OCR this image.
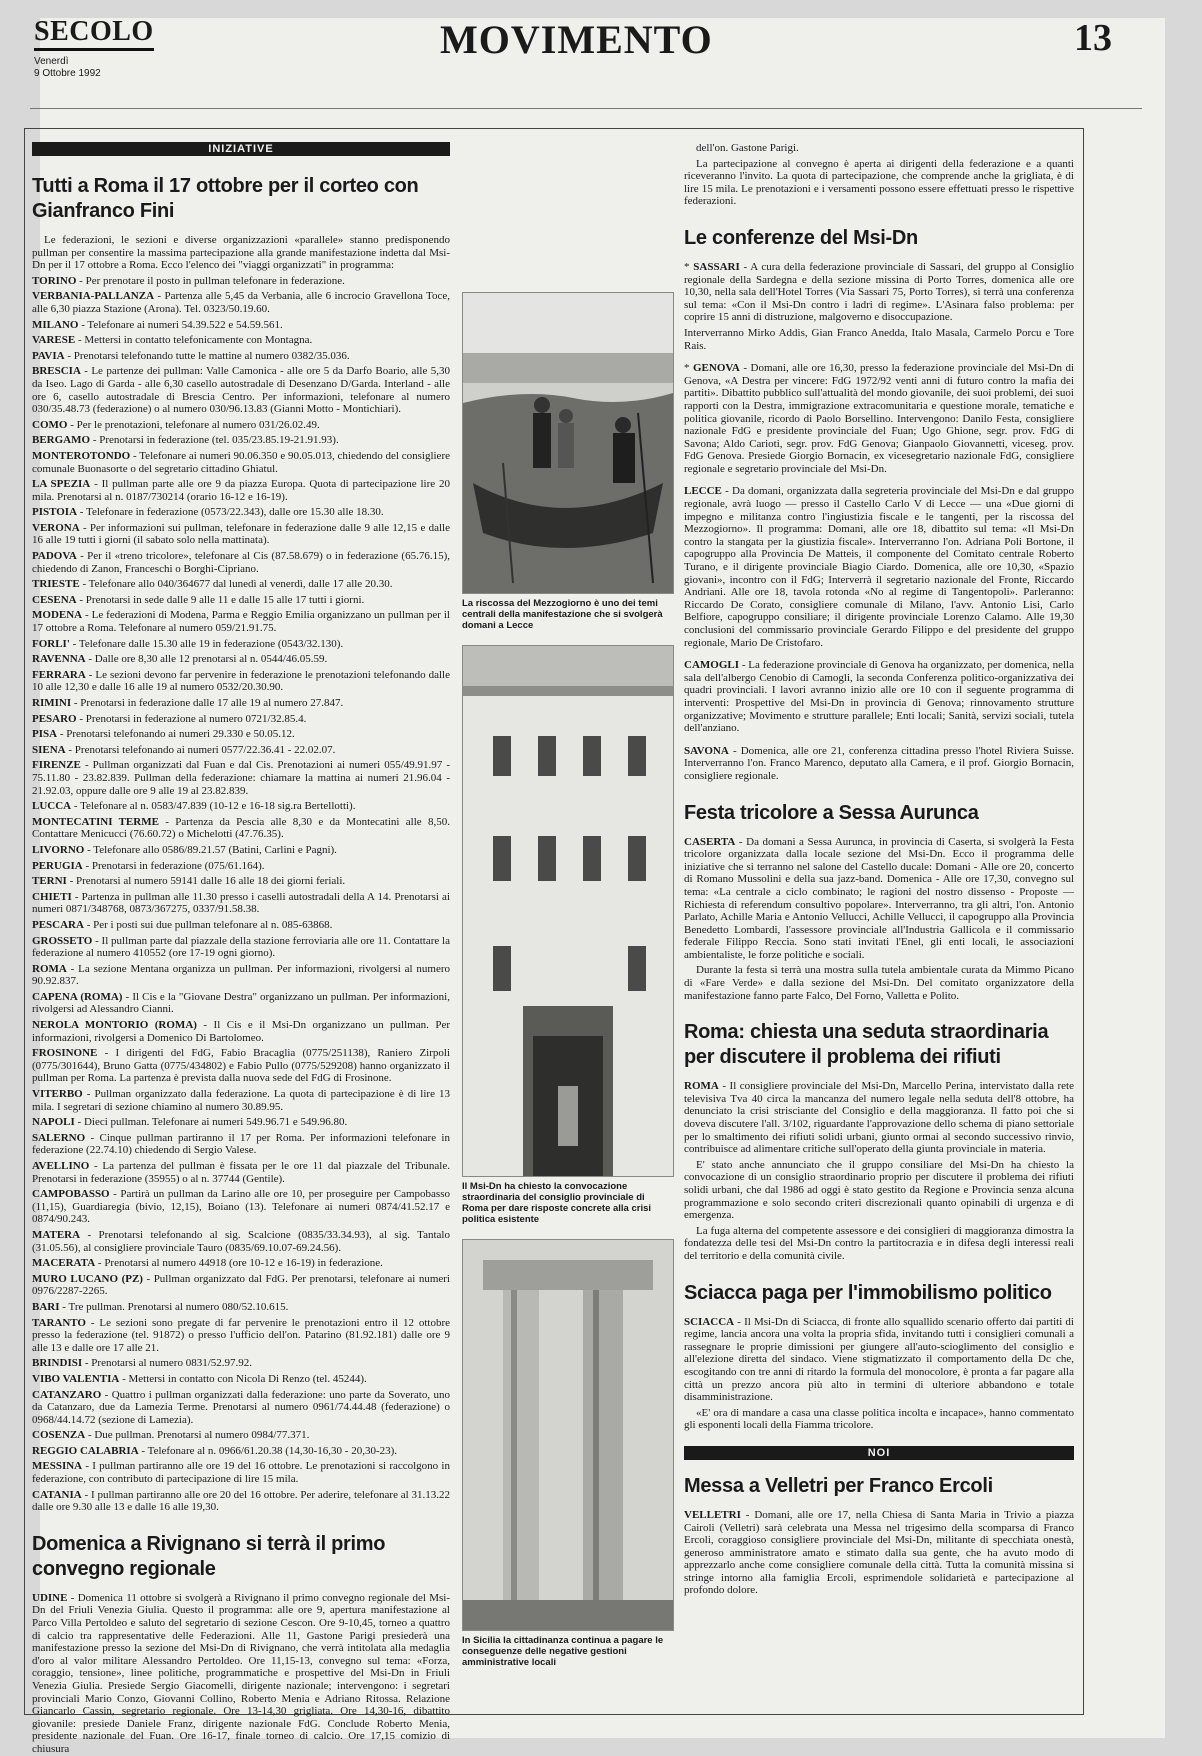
SECOLO
Venerdì
9 Ottobre 1992
MOVIMENTO	13
INIZIATIVE
Tutti a Roma il 17 ottobre per il corteo con Gianfranco Fini

Le federazioni, le sezioni e diverse organizzazioni «parallele» stanno predisponendo pullman per consentire la massima partecipazione alla grande manifestazione indetta dal Msi-Dn per il 17 ottobre a Roma. Ecco l'elenco dei "viaggi organizzati" in programma:

TORINO - Per prenotare il posto in pullman telefonare in federazione.

VERBANIA-PALLANZA - Partenza alle 5,45 da Verbania, alle 6 incrocio Gravellona Toce, alle 6,30 piazza Stazione (Arona). Tel. 0323/50.19.60.

MILANO - Telefonare ai numeri 54.39.522 e 54.59.561.

VARESE - Mettersi in contatto telefonicamente con Montagna.

PAVIA - Prenotarsi telefonando tutte le mattine al numero 0382/35.036.

BRESCIA - Le partenze dei pullman: Valle Camonica - alle ore 5 da Darfo Boario, alle 5,30 da Iseo. Lago di Garda - alle 6,30 casello autostradale di Desenzano D/Garda. Interland - alle ore 6, casello autostradale di Brescia Centro. Per informazioni, telefonare al numero 030/35.48.73 (federazione) o al numero 030/96.13.83 (Gianni Motto - Montichiari).

COMO - Per le prenotazioni, telefonare al numero 031/26.02.49.

BERGAMO - Prenotarsi in federazione (tel. 035/23.85.19-21.91.93).

MONTEROTONDO - Telefonare ai numeri 90.06.350 e 90.05.013, chiedendo del consigliere comunale Buonasorte o del segretario cittadino Ghiatul.

LA SPEZIA - Il pullman parte alle ore 9 da piazza Europa. Quota di partecipazione lire 20 mila. Prenotarsi al n. 0187/730214 (orario 16-12 e 16-19).

PISTOIA - Telefonare in federazione (0573/22.343), dalle ore 15.30 alle 18.30.

VERONA - Per informazioni sui pullman, telefonare in federazione dalle 9 alle 12,15 e dalle 16 alle 19 tutti i giorni (il sabato solo nella mattinata).

PADOVA - Per il «treno tricolore», telefonare al Cis (87.58.679) o in federazione (65.76.15), chiedendo di Zanon, Franceschi o Borghi-Cipriano.

TRIESTE - Telefonare allo 040/364677 dal lunedì al venerdì, dalle 17 alle 20.30.

CESENA - Prenotarsi in sede dalle 9 alle 11 e dalle 15 alle 17 tutti i giorni.

MODENA - Le federazioni di Modena, Parma e Reggio Emilia organizzano un pullman per il 17 ottobre a Roma. Telefonare al numero 059/21.91.75.

FORLI' - Telefonare dalle 15.30 alle 19 in federazione (0543/32.130).

RAVENNA - Dalle ore 8,30 alle 12 prenotarsi al n. 0544/46.05.59.

FERRARA - Le sezioni devono far pervenire in federazione le prenotazioni telefonando dalle 10 alle 12,30 e dalle 16 alle 19 al numero 0532/20.30.90.

RIMINI - Prenotarsi in federazione dalle 17 alle 19 al numero 27.847.

PESARO - Prenotarsi in federazione al numero 0721/32.85.4.

PISA - Prenotarsi telefonando ai numeri 29.330 e 50.05.12.

SIENA - Prenotarsi telefonando ai numeri 0577/22.36.41 - 22.02.07.

FIRENZE - Pullman organizzati dal Fuan e dal Cis. Prenotazioni ai numeri 055/49.91.97 - 75.11.80 - 23.82.839. Pullman della federazione: chiamare la mattina ai numeri 21.96.04 - 21.92.03, oppure dalle ore 9 alle 19 al 23.82.839.

LUCCA - Telefonare al n. 0583/47.839 (10-12 e 16-18 sig.ra Bertellotti).

MONTECATINI TERME - Partenza da Pescia alle 8,30 e da Montecatini alle 8,50. Contattare Menicucci (76.60.72) o Michelotti (47.76.35).

LIVORNO - Telefonare allo 0586/89.21.57 (Batini, Carlini e Pagni).

PERUGIA - Prenotarsi in federazione (075/61.164).

TERNI - Prenotarsi al numero 59141 dalle 16 alle 18 dei giorni feriali.

CHIETI - Partenza in pullman alle 11.30 presso i caselli autostradali della A 14. Prenotarsi ai numeri 0871/348768, 0873/367275, 0337/91.58.38.

PESCARA - Per i posti sui due pullman telefonare al n. 085-63868.

GROSSETO - Il pullman parte dal piazzale della stazione ferroviaria alle ore 11. Contattare la federazione al numero 410552 (ore 17-19 ogni giorno).

ROMA - La sezione Mentana organizza un pullman. Per informazioni, rivolgersi al numero 90.92.837.

CAPENA (ROMA) - Il Cis e la "Giovane Destra" organizzano un pullman. Per informazioni, rivolgersi ad Alessandro Cianni.

NEROLA MONTORIO (ROMA) - Il Cis e il Msi-Dn organizzano un pullman. Per informazioni, rivolgersi a Domenico Di Bartolomeo.

FROSINONE - I dirigenti del FdG, Fabio Bracaglia (0775/251138), Raniero Zirpoli (0775/301644), Bruno Gatta (0775/434802) e Fabio Pullo (0775/529208) hanno organizzato il pullman per Roma. La partenza è prevista dalla nuova sede del FdG di Frosinone.

VITERBO - Pullman organizzato dalla federazione. La quota di partecipazione è di lire 13 mila. I segretari di sezione chiamino al numero 30.89.95.

NAPOLI - Dieci pullman. Telefonare ai numeri 549.96.71 e 549.96.80.

SALERNO - Cinque pullman partiranno il 17 per Roma. Per informazioni telefonare in federazione (22.74.10) chiedendo di Sergio Valese.

AVELLINO - La partenza del pullman è fissata per le ore 11 dal piazzale del Tribunale. Prenotarsi in federazione (35955) o al n. 37744 (Gentile).

CAMPOBASSO - Partirà un pullman da Larino alle ore 10, per proseguire per Campobasso (11,15), Guardiaregia (bivio, 12,15), Boiano (13). Telefonare ai numeri 0874/41.52.17 e 0874/90.243.

MATERA - Prenotarsi telefonando al sig. Scalcione (0835/33.34.93), al sig. Tantalo (31.05.56), al consigliere provinciale Tauro (0835/69.10.07-69.24.56).

MACERATA - Prenotarsi al numero 44918 (ore 10-12 e 16-19) in federazione.

MURO LUCANO (PZ) - Pullman organizzato dal FdG. Per prenotarsi, telefonare ai numeri 0976/2287-2265.

BARI - Tre pullman. Prenotarsi al numero 080/52.10.615.

TARANTO - Le sezioni sono pregate di far pervenire le prenotazioni entro il 12 ottobre presso la federazione (tel. 91872) o presso l'ufficio dell'on. Patarino (81.92.181) dalle ore 9 alle 13 e dalle ore 17 alle 21.

BRINDISI - Prenotarsi al numero 0831/52.97.92.

VIBO VALENTIA - Mettersi in contatto con Nicola Di Renzo (tel. 45244).

CATANZARO - Quattro i pullman organizzati dalla federazione: uno parte da Soverato, uno da Catanzaro, due da Lamezia Terme. Prenotarsi al numero 0961/74.44.48 (federazione) o 0968/44.14.72 (sezione di Lamezia).

COSENZA - Due pullman. Prenotarsi al numero 0984/77.371.

REGGIO CALABRIA - Telefonare al n. 0966/61.20.38 (14,30-16,30 - 20,30-23).

MESSINA - I pullman partiranno alle ore 19 del 16 ottobre. Le prenotazioni si raccolgono in federazione, con contributo di partecipazione di lire 15 mila.

CATANIA - I pullman partiranno alle ore 20 del 16 ottobre. Per aderire, telefonare al 31.13.22 dalle ore 9.30 alle 13 e dalle 16 alle 19,30.

Domenica a Rivignano si terrà il primo convegno regionale

UDINE - Domenica 11 ottobre si svolgerà a Rivignano il primo convegno regionale del Msi-Dn del Friuli Venezia Giulia. Questo il programma: alle ore 9, apertura manifestazione al Parco Villa Pertoldeo e saluto del segretario di sezione Cescon. Ore 9-10,45, torneo a quattro di calcio tra rappresentative delle Federazioni. Alle 11, Gastone Parigi presiederà una manifestazione presso la sezione del Msi-Dn di Rivignano, che verrà intitolata alla medaglia d'oro al valor militare Alessandro Pertoldeo. Ore 11,15-13, convegno sul tema: «Forza, coraggio, tensione», linee politiche, programmatiche e prospettive del Msi-Dn in Friuli Venezia Giulia. Presiede Sergio Giacomelli, dirigente nazionale; intervengono: i segretari provinciali Mario Conzo, Giovanni Collino, Roberto Menia e Adriano Ritossa. Relazione Giancarlo Cassin, segretario regionale. Ore 13-14,30 grigliata. Ore 14,30-16, dibattito giovanile: presiede Daniele Franz, dirigente nazionale FdG. Conclude Roberto Menia, presidente nazionale del Fuan. Ore 16-17, finale torneo di calcio. Ore 17,15 comizio di chiusura

La riscossa del Mezzogiorno è uno dei temi centrali della manifestazione che si svolgerà domani a Lecce
Il Msi-Dn ha chiesto la convocazione straordinaria del consiglio provinciale di Roma per dare risposte concrete alla crisi politica esistente
In Sicilia la cittadinanza continua a pagare le conseguenze delle negative gestioni amministrative locali

dell'on. Gastone Parigi.

La partecipazione al convegno è aperta ai dirigenti della federazione e a quanti riceveranno l'invito. La quota di partecipazione, che comprende anche la grigliata, è di lire 15 mila. Le prenotazioni e i versamenti possono essere effettuati presso le rispettive federazioni.

Le conferenze del Msi-Dn

* SASSARI - A cura della federazione provinciale di Sassari, del gruppo al Consiglio regionale della Sardegna e della sezione missina di Porto Torres, domenica alle ore 10,30, nella sala dell'Hotel Torres (Via Sassari 75, Porto Torres), si terrà una conferenza sul tema: «Con il Msi-Dn contro i ladri di regime». L'Asinara falso problema: per coprire 15 anni di distruzione, malgoverno e disoccupazione.

Interverranno Mirko Addis, Gian Franco Anedda, Italo Masala, Carmelo Porcu e Tore Rais.

* GENOVA - Domani, alle ore 16,30, presso la federazione provinciale del Msi-Dn di Genova, «A Destra per vincere: FdG 1972/92 venti anni di futuro contro la mafia dei partiti». Dibattito pubblico sull'attualità del mondo giovanile, dei suoi problemi, dei suoi rapporti con la Destra, immigrazione extracomunitaria e questione morale, tematiche e politica giovanile, ricordo di Paolo Borsellino. Intervengono: Danilo Festa, consigliere nazionale FdG e presidente provinciale del Fuan; Ugo Ghione, segr. prov. FdG di Savona; Aldo Carioti, segr. prov. FdG Genova; Gianpaolo Giovannetti, viceseg. prov. FdG Genova. Presiede Giorgio Bornacin, ex vicesegretario nazionale FdG, consigliere regionale e segretario provinciale del Msi-Dn.

LECCE - Da domani, organizzata dalla segreteria provinciale del Msi-Dn e dal gruppo regionale, avrà luogo — presso il Castello Carlo V di Lecce — una «Due giorni di impegno e militanza contro l'ingiustizia fiscale e le tangenti, per la riscossa del Mezzogiorno». Il programma: Domani, alle ore 18, dibattito sul tema: «Il Msi-Dn contro la stangata per la giustizia fiscale». Interverranno l'on. Adriana Poli Bortone, il capogruppo alla Provincia De Matteis, il componente del Comitato centrale Roberto Turano, e il dirigente provinciale Biagio Ciardo. Domenica, alle ore 10,30, «Spazio giovani», incontro con il FdG; Interverrà il segretario nazionale del Fronte, Riccardo Andriani. Alle ore 18, tavola rotonda «No al regime di Tangentopoli». Parleranno: Riccardo De Corato, consigliere comunale di Milano, l'avv. Antonio Lisi, Carlo Belfiore, capogruppo consiliare; il dirigente provinciale Lorenzo Calamo. Alle 19,30 conclusioni del commissario provinciale Gerardo Filippo e del presidente del gruppo regionale, Mario De Cristofaro.

CAMOGLI - La federazione provinciale di Genova ha organizzato, per domenica, nella sala dell'albergo Cenobio di Camogli, la seconda Conferenza politico-organizzativa dei quadri provinciali. I lavori avranno inizio alle ore 10 con il seguente programma di interventi: Prospettive del Msi-Dn in provincia di Genova; rinnovamento strutture organizzative; Movimento e strutture parallele; Enti locali; Sanità, servizi sociali, tutela dell'anziano.

SAVONA - Domenica, alle ore 21, conferenza cittadina presso l'hotel Riviera Suisse. Interverranno l'on. Franco Marenco, deputato alla Camera, e il prof. Giorgio Bornacin, consigliere regionale.

Festa tricolore a Sessa Aurunca

CASERTA - Da domani a Sessa Aurunca, in provincia di Caserta, si svolgerà la Festa tricolore organizzata dalla locale sezione del Msi-Dn. Ecco il programma delle iniziative che si terranno nel salone del Castello ducale: Domani - Alle ore 20, concerto di Romano Mussolini e della sua jazz-band. Domenica - Alle ore 17,30, convegno sul tema: «La centrale a ciclo combinato; le ragioni del nostro dissenso - Proposte — Richiesta di referendum consultivo popolare». Interverranno, tra gli altri, l'on. Antonio Parlato, Achille Maria e Antonio Vellucci, Achille Vellucci, il capogruppo alla Provincia Benedetto Lombardi, l'assessore provinciale all'Industria Gallicola e il commissario federale Filippo Reccia. Sono stati invitati l'Enel, gli enti locali, le associazioni ambientaliste, le forze politiche e sociali.

Durante la festa si terrà una mostra sulla tutela ambientale curata da Mimmo Picano di «Fare Verde» e dalla sezione del Msi-Dn. Del comitato organizzatore della manifestazione fanno parte Falco, Del Forno, Valletta e Polito.

Roma: chiesta una seduta straordinaria per discutere il problema dei rifiuti

ROMA - Il consigliere provinciale del Msi-Dn, Marcello Perina, intervistato dalla rete televisiva Tva 40 circa la mancanza del numero legale nella seduta dell'8 ottobre, ha denunciato la crisi strisciante del Consiglio e della maggioranza. Il fatto poi che si doveva discutere l'all. 3/102, riguardante l'approvazione dello schema di piano settoriale per lo smaltimento dei rifiuti solidi urbani, giunto ormai al secondo successivo rinvio, contribuisce ad alimentare critiche sull'operato della giunta provinciale in materia.

E' stato anche annunciato che il gruppo consiliare del Msi-Dn ha chiesto la convocazione di un consiglio straordinario proprio per discutere il problema dei rifiuti solidi urbani, che dal 1986 ad oggi è stato gestito da Regione e Provincia senza alcuna programmazione e solo secondo criteri discrezionali quanto opinabili di urgenza e di emergenza.

La fuga alterna del competente assessore e dei consiglieri di maggioranza dimostra la fondatezza delle tesi del Msi-Dn contro la partitocrazia e in difesa degli interessi reali del territorio e della comunità civile.

Sciacca paga per l'immobilismo politico

SCIACCA - Il Msi-Dn di Sciacca, di fronte allo squallido scenario offerto dai partiti di regime, lancia ancora una volta la propria sfida, invitando tutti i consiglieri comunali a rassegnare le proprie dimissioni per giungere all'auto-scioglimento del consiglio e all'elezione diretta del sindaco. Viene stigmatizzato il comportamento della Dc che, escogitando con tre anni di ritardo la formula del monocolore, è pronta a far pagare alla città un prezzo ancora più alto in termini di ulteriore abbandono e totale disamministrazione.

«E' ora di mandare a casa una classe politica incolta e incapace», hanno commentato gli esponenti locali della Fiamma tricolore.

NOI
Messa a Velletri per Franco Ercoli

VELLETRI - Domani, alle ore 17, nella Chiesa di Santa Maria in Trivio a piazza Cairoli (Velletri) sarà celebrata una Messa nel trigesimo della scomparsa di Franco Ercoli, coraggioso consigliere provinciale del Msi-Dn, militante di specchiata onestà, generoso amministratore amato e stimato dalla sua gente, che ha avuto modo di apprezzarlo anche come consigliere comunale della città. Tutta la comunità missina si stringe intorno alla famiglia Ercoli, esprimendole solidarietà e partecipazione al profondo dolore.
